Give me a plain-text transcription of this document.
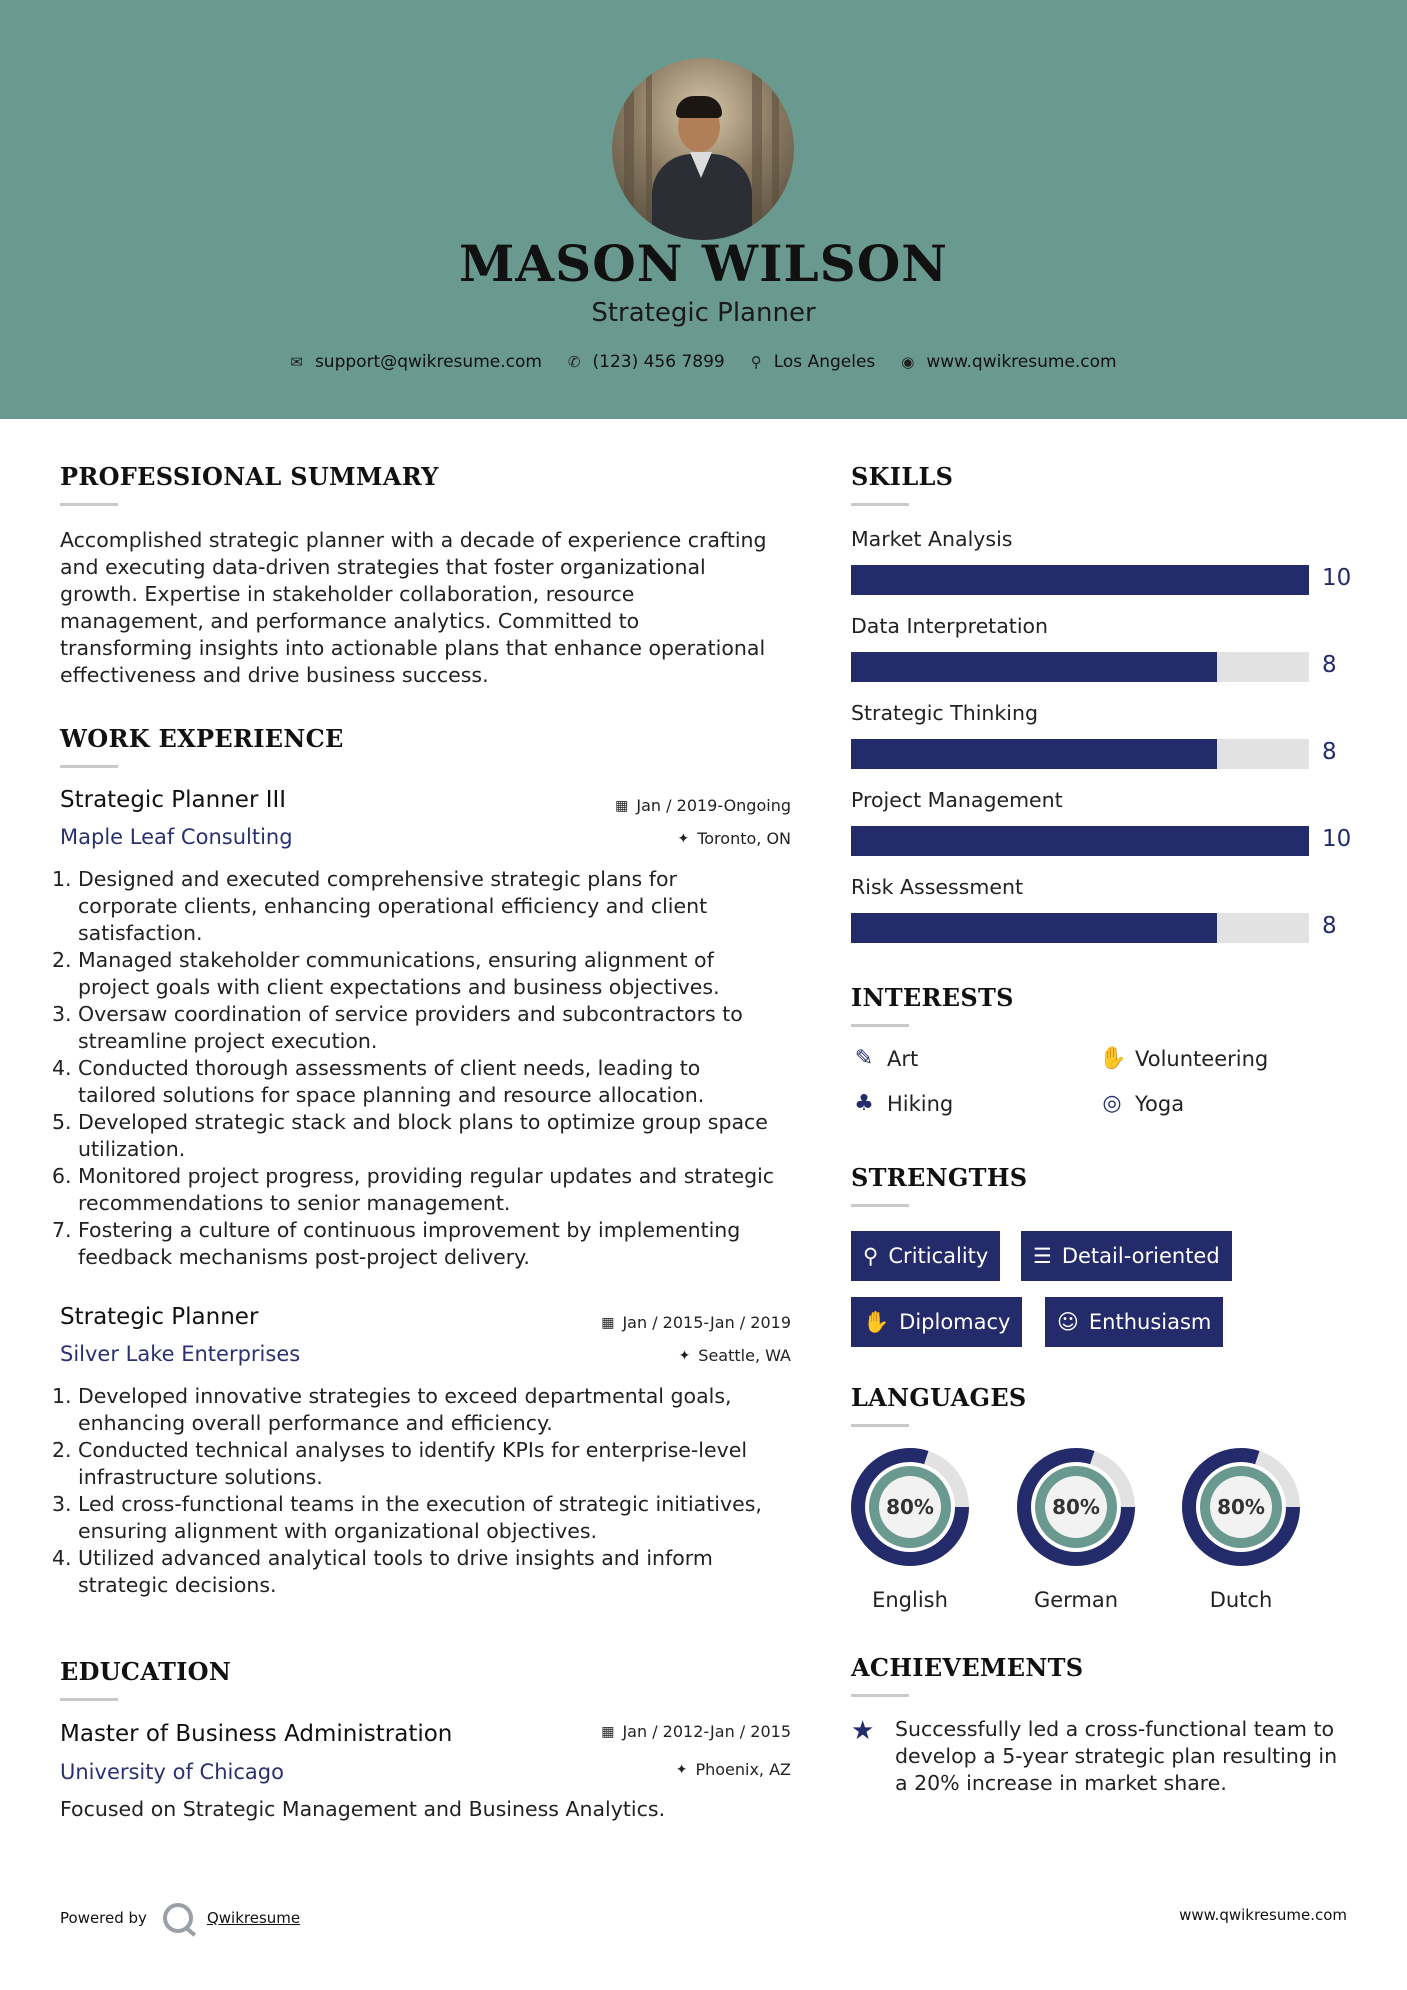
MASON WILSON
Strategic Planner
✉ support@qwikresume.com ✆ (123) 456 7899 ⚲ Los Angeles ◉ www.qwikresume.com
PROFESSIONAL SUMMARY
Accomplished strategic planner with a decade of experience crafting
and executing data-driven strategies that foster organizational
growth. Expertise in stakeholder collaboration, resource
management, and performance analytics. Committed to
transforming insights into actionable plans that enhance operational
effectiveness and drive business success.
WORK EXPERIENCE
Strategic Planner III	▦ Jan / 2019-Ongoing
Maple Leaf Consulting	✦ Toronto, ON
1. Designed and executed comprehensive strategic plans for
corporate clients, enhancing operational efficiency and client
satisfaction.
2. Managed stakeholder communications, ensuring alignment of
project goals with client expectations and business objectives.
3. Oversaw coordination of service providers and subcontractors to
streamline project execution.
4. Conducted thorough assessments of client needs, leading to
tailored solutions for space planning and resource allocation.
5. Developed strategic stack and block plans to optimize group space
utilization.
6. Monitored project progress, providing regular updates and strategic
recommendations to senior management.
7. Fostering a culture of continuous improvement by implementing
feedback mechanisms post-project delivery.
Strategic Planner	▦ Jan / 2015-Jan / 2019
Silver Lake Enterprises	✦ Seattle, WA
1. Developed innovative strategies to exceed departmental goals,
enhancing overall performance and efficiency.
2. Conducted technical analyses to identify KPIs for enterprise-level
infrastructure solutions.
3. Led cross-functional teams in the execution of strategic initiatives,
ensuring alignment with organizational objectives.
4. Utilized advanced analytical tools to drive insights and inform
strategic decisions.
EDUCATION
Master of Business Administration	▦ Jan / 2012-Jan / 2015
University of Chicago	✦ Phoenix, AZ
Focused on Strategic Management and Business Analytics.
SKILLS
Market Analysis
10
Data Interpretation
8
Strategic Thinking
8
Project Management
10
Risk Assessment
8
INTERESTS
✎ Art	✋ Volunteering
♣ Hiking	◎ Yoga
STRENGTHS
⚲ Criticality ☰ Detail-oriented
✋ Diplomacy ☺ Enthusiasm
LANGUAGES
80%
English
80%
German
80%
Dutch
ACHIEVEMENTS
★ Successfully led a cross-functional team to
develop a 5-year strategic plan resulting in
a 20% increase in market share.
Powered by	Qwikresume	www.qwikresume.com
